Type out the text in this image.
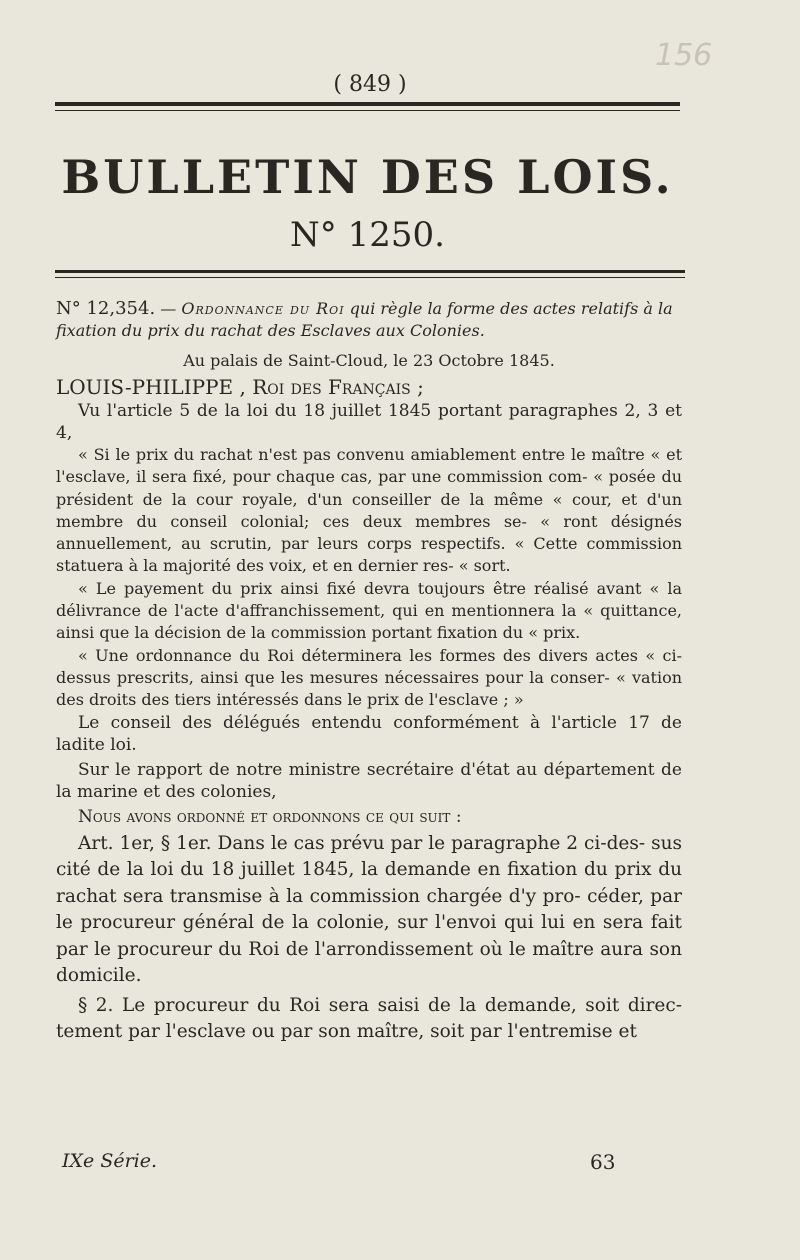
156
( 849 )
BULLETIN DES LOIS.
N° 1250.
N° 12,354. — Ordonnance du Roi qui règle la forme des actes relatifs à la fixation du prix du rachat des Esclaves aux Colonies.
Au palais de Saint-Cloud, le 23 Octobre 1845.
LOUIS-PHILIPPE , Roi des Français ;

Vu l'article 5 de la loi du 18 juillet 1845 portant paragraphes 2, 3 et 4,

« Si le prix du rachat n'est pas convenu amiablement entre le maître « et l'esclave, il sera fixé, pour chaque cas, par une commission com- « posée du président de la cour royale, d'un conseiller de la même « cour, et d'un membre du conseil colonial; ces deux membres se- « ront désignés annuellement, au scrutin, par leurs corps respectifs. « Cette commission statuera à la majorité des voix, et en dernier res- « sort.

« Le payement du prix ainsi fixé devra toujours être réalisé avant « la délivrance de l'acte d'affranchissement, qui en mentionnera la « quittance, ainsi que la décision de la commission portant fixation du « prix.

« Une ordonnance du Roi déterminera les formes des divers actes « ci-dessus prescrits, ainsi que les mesures nécessaires pour la conser- « vation des droits des tiers intéressés dans le prix de l'esclave ; »

Le conseil des délégués entendu conformément à l'article 17 de ladite loi.

Sur le rapport de notre ministre secrétaire d'état au département de la marine et des colonies,

Nous avons ordonné et ordonnons ce qui suit :

Art. 1er, § 1er. Dans le cas prévu par le paragraphe 2 ci-des- sus cité de la loi du 18 juillet 1845, la demande en fixation du prix du rachat sera transmise à la commission chargée d'y pro- céder, par le procureur général de la colonie, sur l'envoi qui lui en sera fait par le procureur du Roi de l'arrondissement où le maître aura son domicile.

§ 2. Le procureur du Roi sera saisi de la demande, soit direc- tement par l'esclave ou par son maître, soit par l'entremise et

IXe Série.	63
